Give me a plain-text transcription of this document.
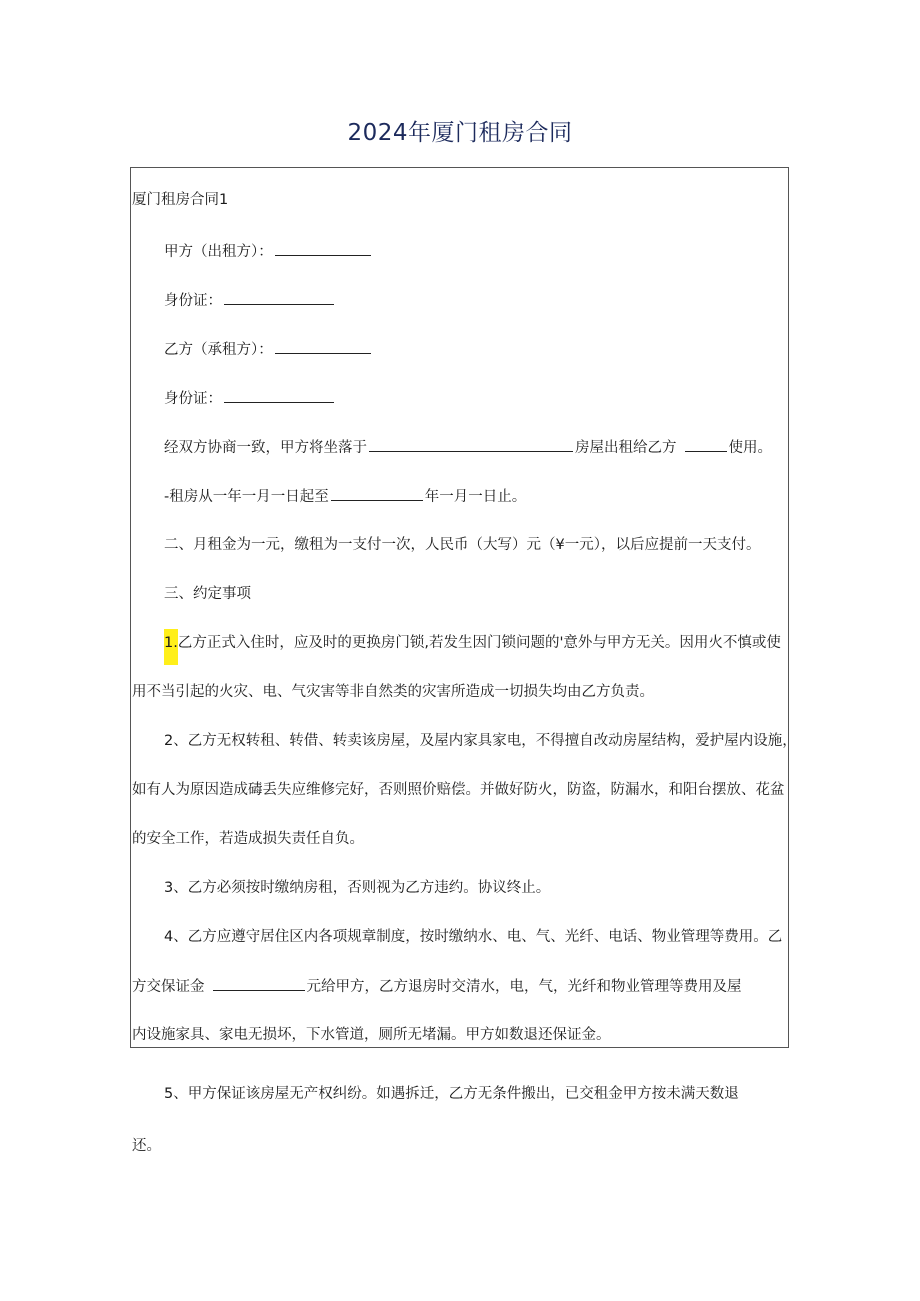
2024年厦门租房合同
厦门租房合同1
甲方（出租方）：
身份证：
乙方（承租方）：
身份证：
经双方协商一致，甲方将坐落于	房屋出租给乙方	使用。
-租房从一年一月一日起至	年一月一日止。
二、月租金为一元，缴租为一支付一次，人民币（大写）元（¥一元），以后应提前一天支付。
三、约定事项
1.乙方正式入住时，应及时的更换房门锁,若发生因门锁问题的'意外与甲方无关。因用火不慎或使
用不当引起的火灾、电、气灾害等非自然类的灾害所造成一切损失均由乙方负责。
2、乙方无权转租、转借、转卖该房屋，及屋内家具家电，不得擅自改动房屋结构，爱护屋内设施，
如有人为原因造成碡丢失应维修完好，否则照价赔偿。并做好防火，防盗，防漏水，和阳台摆放、花盆
的安全工作，若造成损失责任自负。
3、乙方必须按时缴纳房租，否则视为乙方违约。协议终止。
4、乙方应遵守居住区内各项规章制度，按时缴纳水、电、气、光纤、电话、物业管理等费用。乙
方交保证金	元给甲方，乙方退房时交清水，电，气，光纤和物业管理等费用及屋
内设施家具、家电无损坏，下水管道，厕所无堵漏。甲方如数退还保证金。
5、甲方保证该房屋无产权纠纷。如遇拆迁，乙方无条件搬出，已交租金甲方按未满天数退
还。
